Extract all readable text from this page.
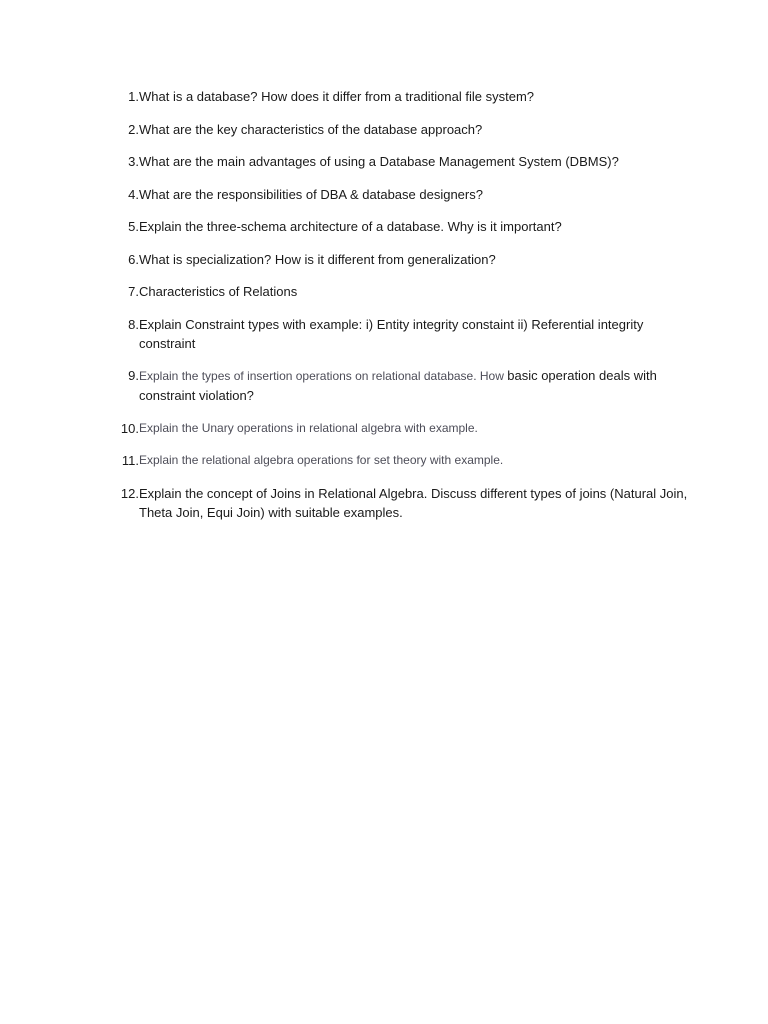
1. What is a database? How does it differ from a traditional file system?
2. What are the key characteristics of the database approach?
3. What are the main advantages of using a Database Management System (DBMS)?
4. What are the responsibilities of DBA & database designers?
5. Explain the three-schema architecture of a database. Why is it important?
6. What is specialization? How is it different from generalization?
7. Characteristics of Relations
8. Explain Constraint types with example: i) Entity integrity constaint ii) Referential integrity constraint
9. Explain the types of insertion operations on relational database. How basic operation deals with constraint violation?
10. Explain the Unary operations in relational algebra with example.
11. Explain the relational algebra operations for set theory with example.
12. Explain the concept of Joins in Relational Algebra. Discuss different types of joins (Natural Join, Theta Join, Equi Join) with suitable examples.
